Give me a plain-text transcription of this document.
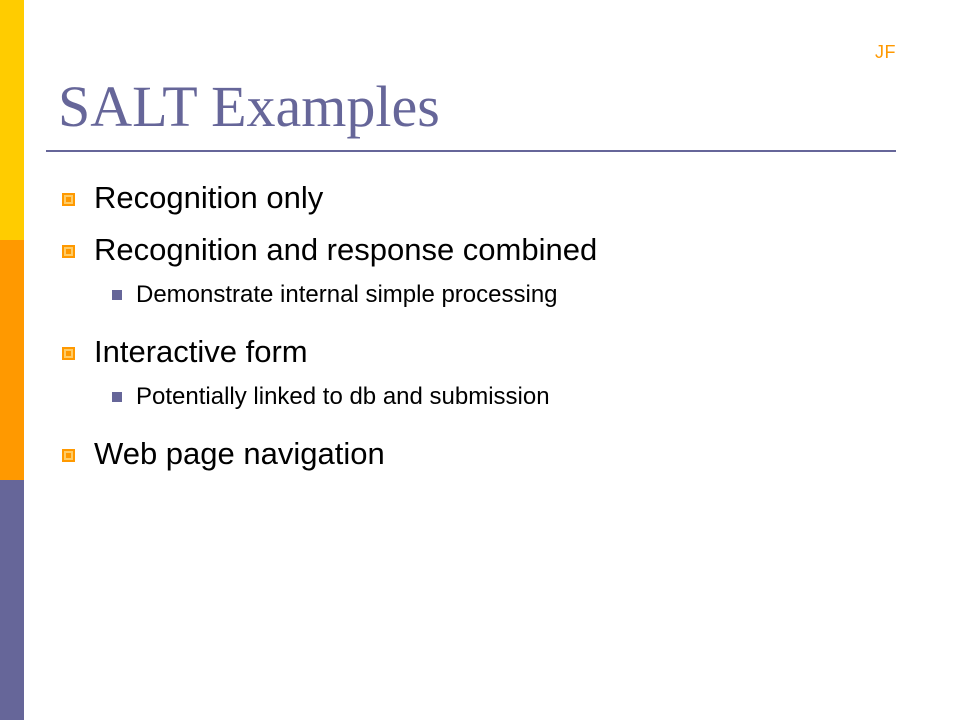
JF
SALT Examples
Recognition only
Recognition and response combined
Demonstrate internal simple processing
Interactive form
Potentially linked to db and submission
Web page navigation
